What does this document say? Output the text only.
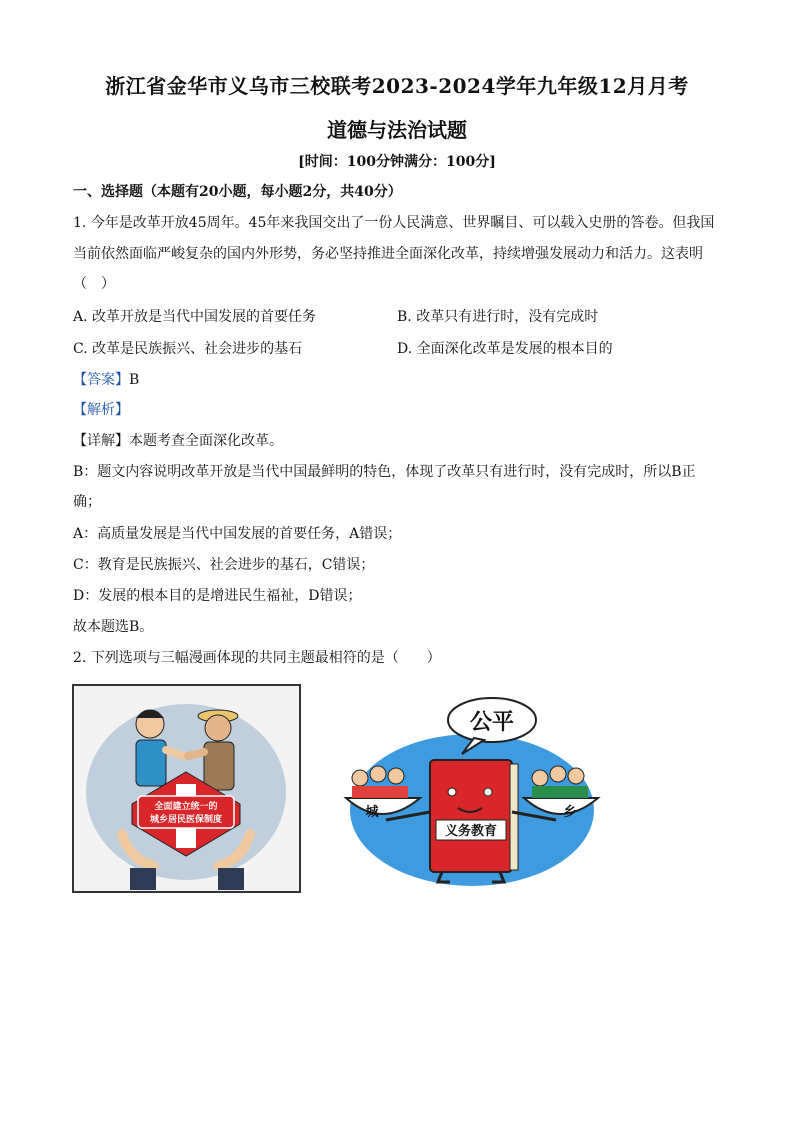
浙江省金华市义乌市三校联考2023-2024学年九年级12月月考
道德与法治试题
[时间：100分钟满分：100分]
一、选择题（本题有20小题，每小题2分，共40分）
1. 今年是改革开放45周年。45年来我国交出了一份人民满意、世界瞩目、可以载入史册的答卷。但我国
当前依然面临严峻复杂的国内外形势，务必坚持推进全面深化改革，持续增强发展动力和活力。这表明
（　）
A. 改革开放是当代中国发展的首要任务	B. 改革只有进行时，没有完成时
C. 改革是民族振兴、社会进步的基石	D. 全面深化改革是发展的根本目的
【答案】B
【解析】
【详解】本题考查全面深化改革。
B：题文内容说明改革开放是当代中国最鲜明的特色，体现了改革只有进行时，没有完成时，所以B正
确；
A：高质量发展是当代中国发展的首要任务，A错误；
C：教育是民族振兴、社会进步的基石，C错误；
D：发展的根本目的是增进民生福祉，D错误；
故本题选B。
2. 下列选项与三幅漫画体现的共同主题最相符的是（　　）
全面建立统一的
城乡居民医保制度
公平
义务教育
城	乡
